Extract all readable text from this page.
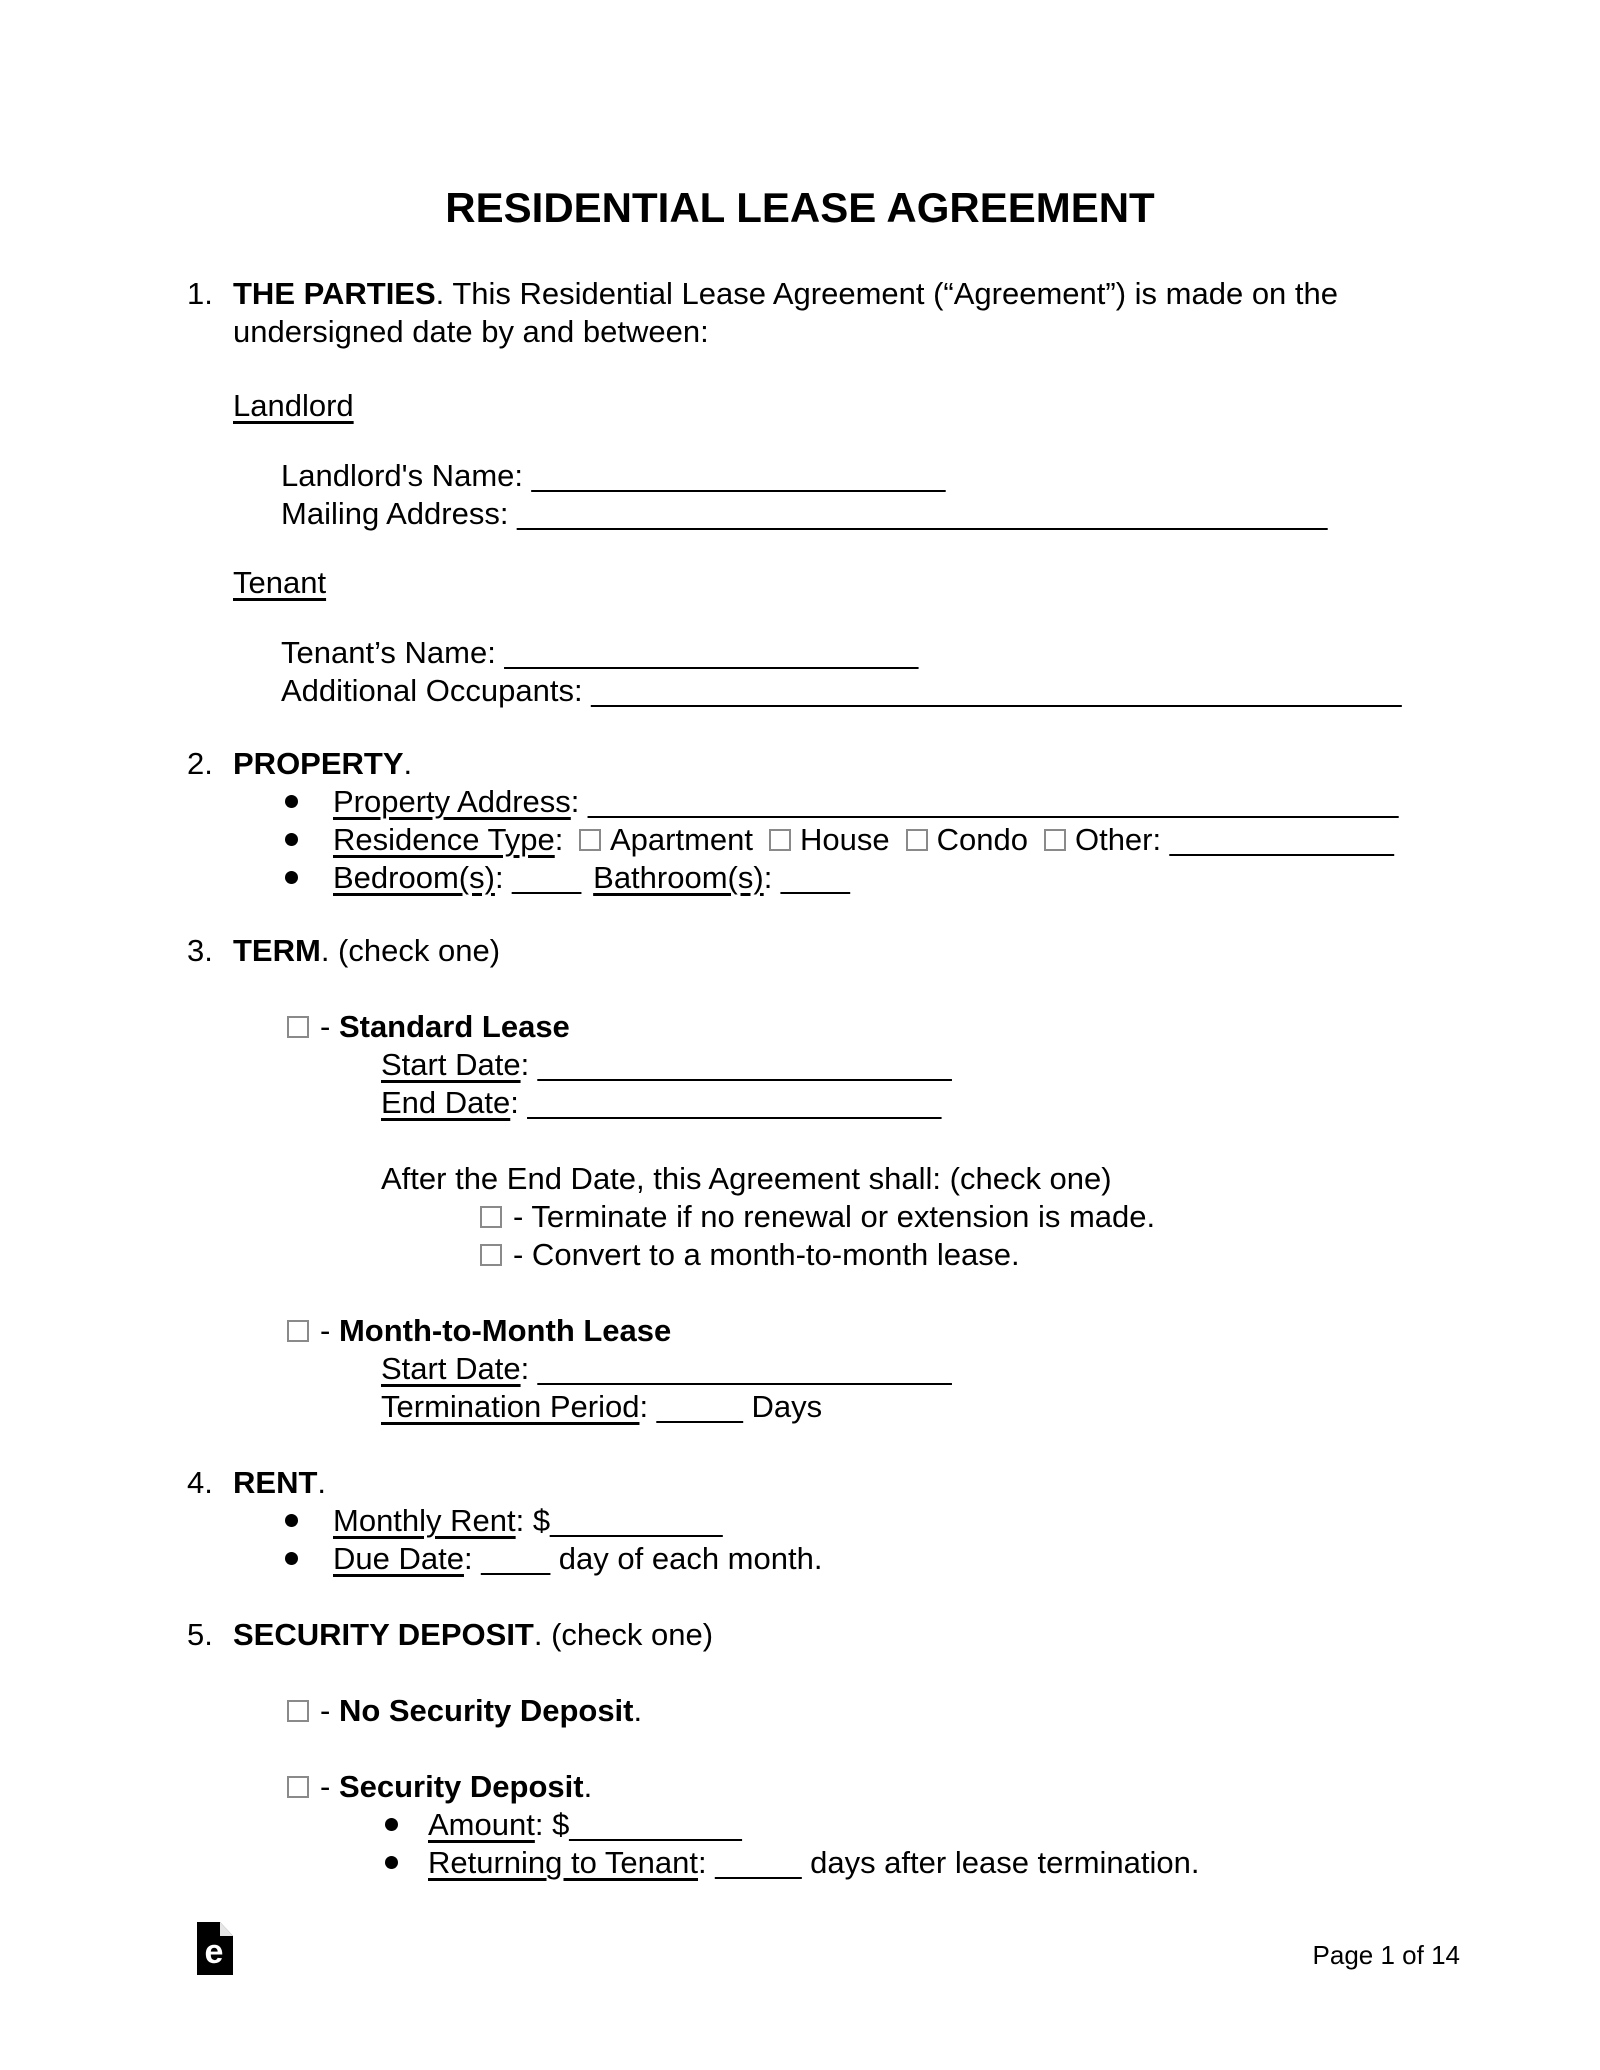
RESIDENTIAL LEASE AGREEMENT
1. THE PARTIES. This Residential Lease Agreement (“Agreement”) is made on the
undersigned date by and between:
Landlord
Landlord's Name: ________________________
Mailing Address: _______________________________________________
Tenant
Tenant’s Name: ________________________
Additional Occupants: _______________________________________________
2. PROPERTY.
Property Address: _______________________________________________
Residence Type: Apartment House Condo Other: _____________
Bedroom(s): ____ Bathroom(s): ____
3. TERM. (check one)
- Standard Lease
Start Date: ________________________
End Date: ________________________
After the End Date, this Agreement shall: (check one)
- Terminate if no renewal or extension is made.
- Convert to a month-to-month lease.
- Month-to-Month Lease
Start Date: ________________________
Termination Period: _____ Days
4. RENT.
Monthly Rent: $__________
Due Date: ____ day of each month.
5. SECURITY DEPOSIT. (check one)
- No Security Deposit.
- Security Deposit.
Amount: $__________
Returning to Tenant: _____ days after lease termination.
e	Page 1 of 14
